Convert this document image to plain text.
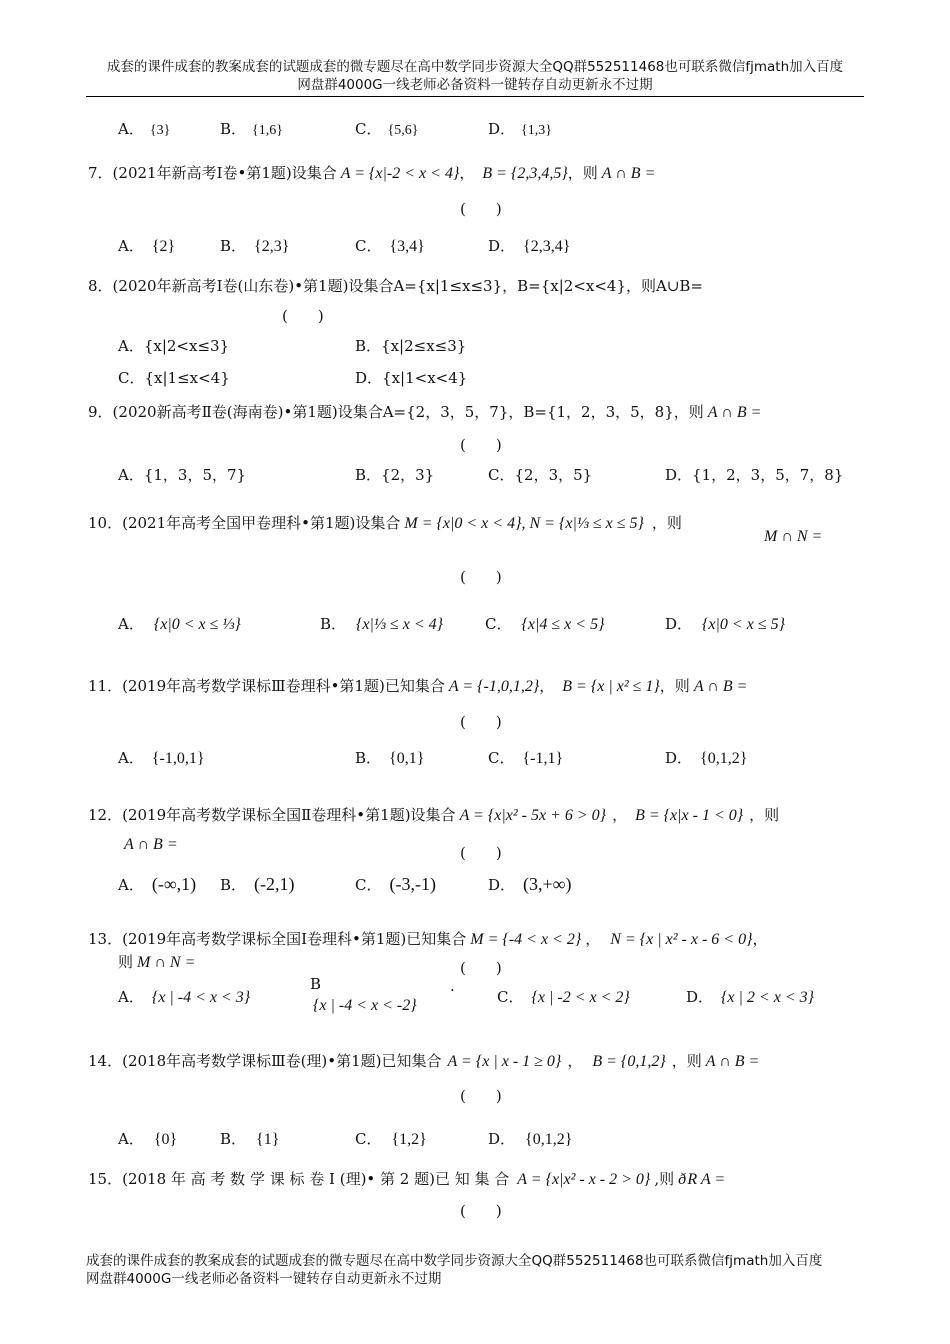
成套的课件成套的教案成套的试题成套的微专题尽在高中数学同步资源大全QQ群552511468也可联系微信fjmath加入百度
网盘群4000G一线老师必备资料一键转存自动更新永不过期
A． {3}	B． {1,6}	C． {5,6}	D． {1,3}
7．(2021年新高考Ⅰ卷•第1题)设集合 A = {x|-2 < x < 4}， B = {2,3,4,5}，则 A ∩ B =
(　　)
A． {2}	B． {2,3}	C． {3,4}	D． {2,3,4}
8．(2020年新高考Ⅰ卷(山东卷)•第1题)设集合A={x|1≤x≤3}，B={x|2<x<4}，则A∪B=
(　　)
A．{x|2<x≤3}	B．{x|2≤x≤3}
C．{x|1≤x<4}	D．{x|1<x<4}
9．(2020新高考Ⅱ卷(海南卷)•第1题)设集合A={2，3，5，7}，B={1，2，3，5，8}，则 A ∩ B =
(　　)
A．{1，3，5，7}	B．{2，3}	C．{2，3，5}	D．{1，2，3，5，7，8}
10．(2021年高考全国甲卷理科•第1题)设集合 M = {x|0 < x < 4}, N = {x|⅓ ≤ x ≤ 5} ，则
M ∩ N =
(　　)
A． {x|0 < x ≤ ⅓}	B． {x|⅓ ≤ x < 4}	C． {x|4 ≤ x < 5}	D． {x|0 < x ≤ 5}
11．(2019年高考数学课标Ⅲ卷理科•第1题)已知集合 A = {-1,0,1,2}， B = {x | x² ≤ 1}，则 A ∩ B =
(　　)
A． {-1,0,1}	B． {0,1}	C． {-1,1}	D． {0,1,2}
12．(2019年高考数学课标全国Ⅱ卷理科•第1题)设集合 A = {x|x² - 5x + 6 > 0} ， B = {x|x - 1 < 0} ，则
A ∩ B =	(　　)
A． (-∞,1) B． (-2,1)	C． (-3,-1)	D． (3,+∞)
13．(2019年高考数学课标全国Ⅰ卷理科•第1题)已知集合 M = {-4 < x < 2} ， N = {x | x² - x - 6 < 0}，
则 M ∩ N =	(　　)
A． {x | -4 < x < 3}
B
{x | -4 < x < -2}
.
C． {x | -2 < x < 2}	D． {x | 2 < x < 3}
14．(2018年高考数学课标Ⅲ卷(理)•第1题)已知集合 A = {x | x - 1 ≥ 0} ， B = {0,1,2} ，则 A ∩ B =
(　　)
A． {0}	B． {1}	C． {1,2}	D． {0,1,2}
15．(2018 年 高 考 数 学 课 标 卷 Ⅰ (理)• 第 2 题)已 知 集 合 A = {x|x² - x - 2 > 0} ,则 ð R A =
(　　)
成套的课件成套的教案成套的试题成套的微专题尽在高中数学同步资源大全QQ群552511468也可联系微信fjmath加入百度
网盘群4000G一线老师必备资料一键转存自动更新永不过期
